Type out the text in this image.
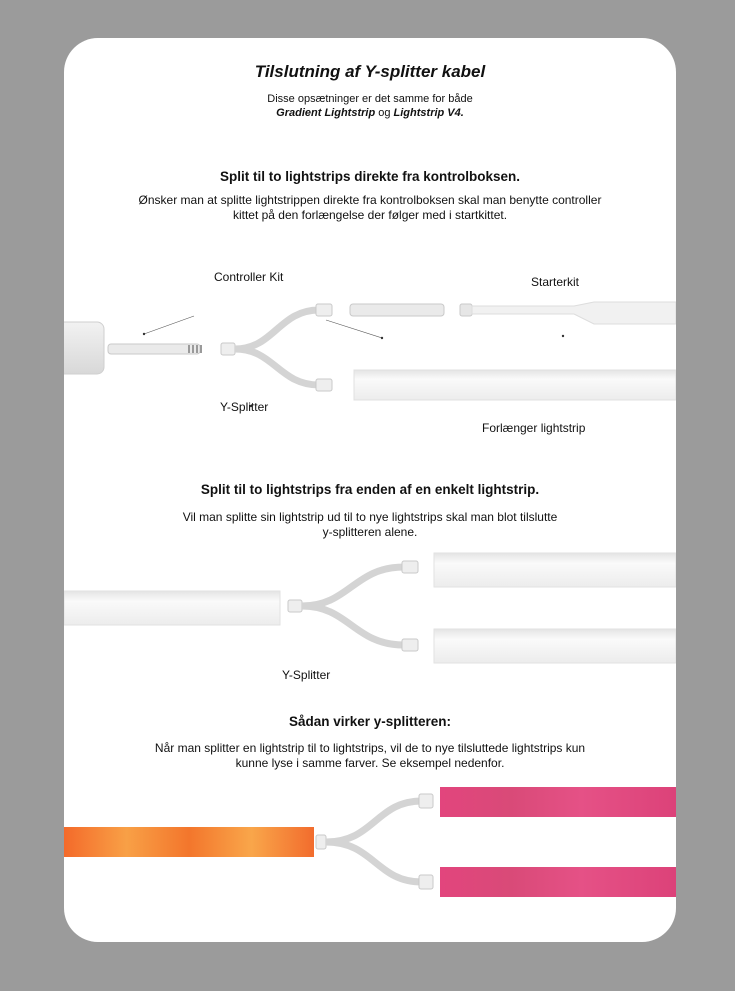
Tilslutning af Y-splitter kabel
Disse opsætninger er det samme for både
Gradient Lightstrip og Lightstrip V4.
Split til to lightstrips direkte fra kontrolboksen.
Ønsker man at splitte lightstrippen direkte fra kontrolboksen skal man benytte controller
kittet på den forlængelse der følger med i startkittet.
Controller Kit	Starterkit
Y-Splitter
Forlænger lightstrip
Split til to lightstrips fra enden af en enkelt lightstrip.
Vil man splitte sin lightstrip ud til to nye lightstrips skal man blot tilslutte
y-splitteren alene.
Y-Splitter
Sådan virker y-splitteren:
Når man splitter en lightstrip til to lightstrips, vil de to nye tilsluttede lightstrips kun
kunne lyse i samme farver. Se eksempel nedenfor.
